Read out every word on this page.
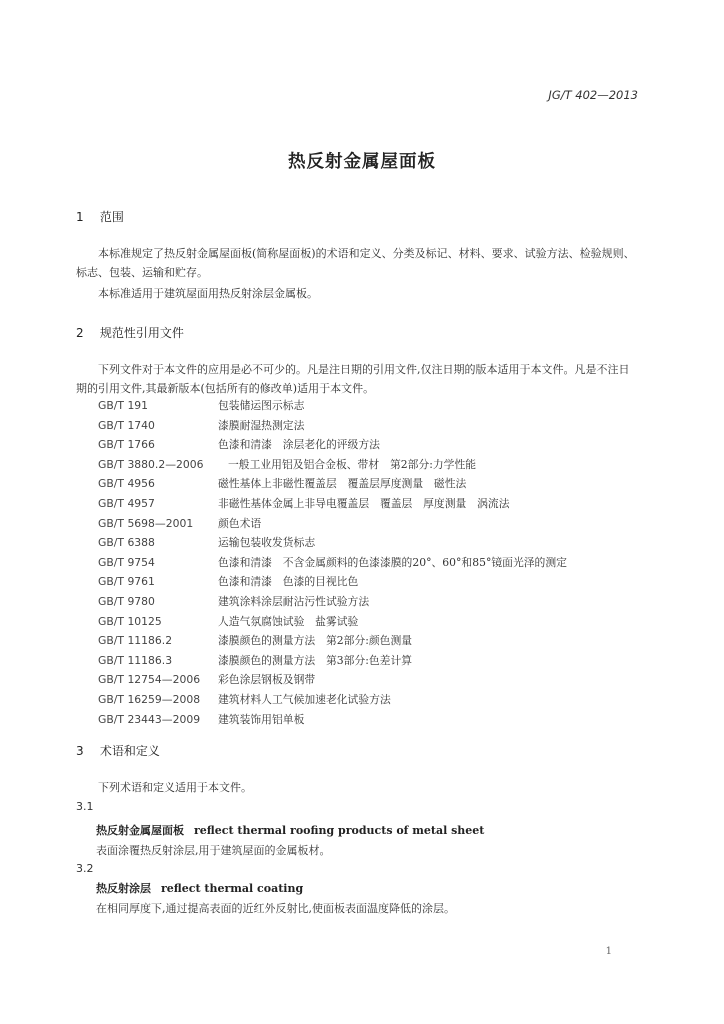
JG/T 402—2013
热反射金属屋面板
1 范围
本标准规定了热反射金属屋面板(简称屋面板)的术语和定义、分类及标记、材料、要求、试验方法、检验规则、标志、包装、运输和贮存。
本标准适用于建筑屋面用热反射涂层金属板。
2 规范性引用文件
下列文件对于本文件的应用是必不可少的。凡是注日期的引用文件,仅注日期的版本适用于本文件。凡是不注日期的引用文件,其最新版本(包括所有的修改单)适用于本文件。
GB/T 191	包装储运图示标志
GB/T 1740	漆膜耐湿热测定法
GB/T 1766	色漆和清漆　涂层老化的评级方法
GB/T 3880.2—2006 一般工业用铝及铝合金板、带材　第2部分:力学性能
GB/T 4956	磁性基体上非磁性覆盖层　覆盖层厚度测量　磁性法
GB/T 4957	非磁性基体金属上非导电覆盖层　覆盖层　厚度测量　涡流法
GB/T 5698—2001 颜色术语
GB/T 6388	运输包装收发货标志
GB/T 9754	色漆和清漆　不含金属颜料的色漆漆膜的20°、60°和85°镜面光泽的测定
GB/T 9761	色漆和清漆　色漆的目视比色
GB/T 9780	建筑涂料涂层耐沾污性试验方法
GB/T 10125	人造气氛腐蚀试验　盐雾试验
GB/T 11186.2	漆膜颜色的测量方法　第2部分:颜色测量
GB/T 11186.3	漆膜颜色的测量方法　第3部分:色差计算
GB/T 12754—2006 彩色涂层钢板及钢带
GB/T 16259—2008 建筑材料人工气候加速老化试验方法
GB/T 23443—2009 建筑装饰用铝单板
3 术语和定义
下列术语和定义适用于本文件。
3.1
热反射金属屋面板 reflect thermal roofing products of metal sheet
表面涂覆热反射涂层,用于建筑屋面的金属板材。
3.2
热反射涂层 reflect thermal coating
在相同厚度下,通过提高表面的近红外反射比,使面板表面温度降低的涂层。
1
